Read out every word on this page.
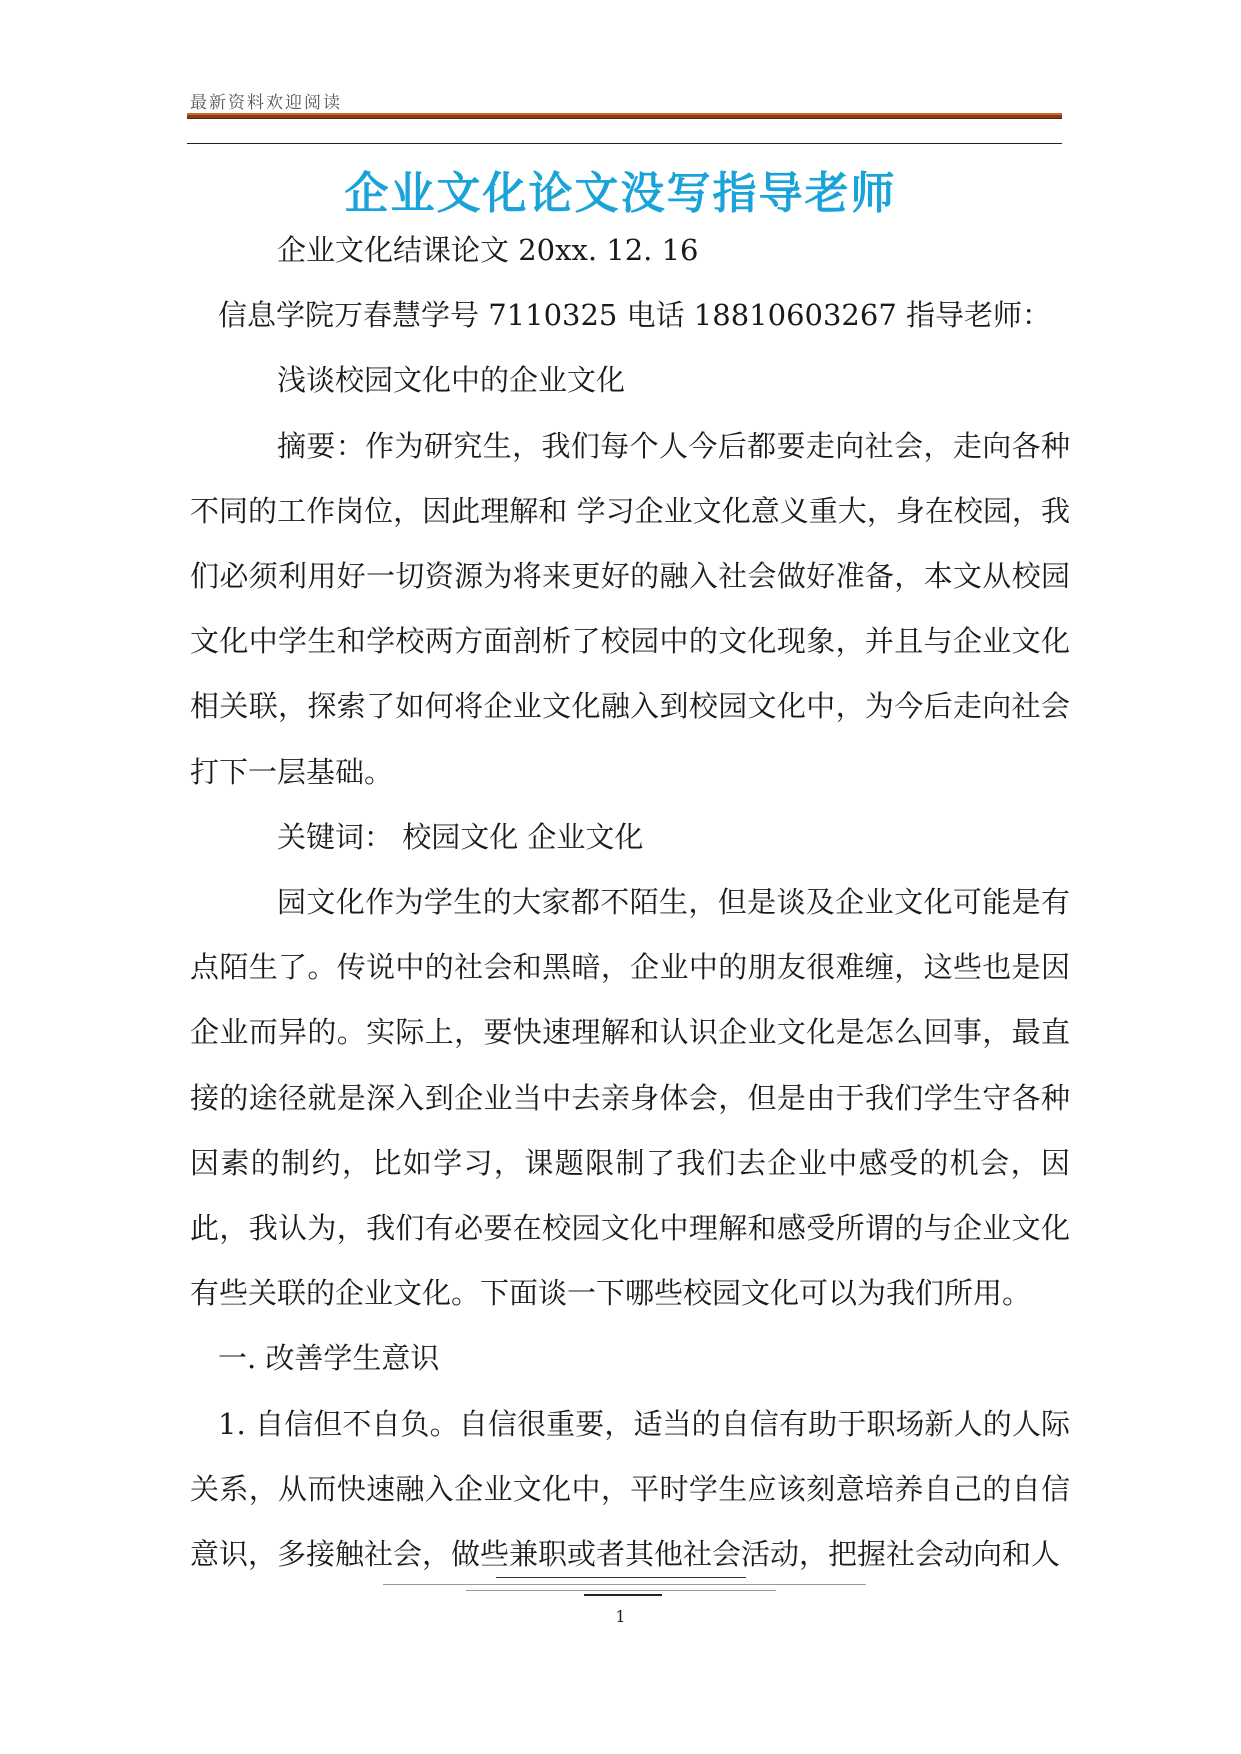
最新资料欢迎阅读
企业文化论文没写指导老师

企业文化结课论文 20xx. 12. 16

信息学院万春慧学号 7110325 电话 18810603267 指导老师：

浅谈校园文化中的企业文化

摘要：作为研究生，我们每个人今后都要走向社会，走向各种不同的工作岗位，因此理解和 学习企业文化意义重大，身在校园，我们必须利用好一切资源为将来更好的融入社会做好准备，本文从校园文化中学生和学校两方面剖析了校园中的文化现象，并且与企业文化相关联，探索了如何将企业文化融入到校园文化中，为今后走向社会打下一层基础。

关键词： 校园文化 企业文化

园文化作为学生的大家都不陌生，但是谈及企业文化可能是有点陌生了。传说中的社会和黑暗，企业中的朋友很难缠，这些也是因企业而异的。实际上，要快速理解和认识企业文化是怎么回事，最直接的途径就是深入到企业当中去亲身体会，但是由于我们学生守各种因素的制约，比如学习，课题限制了我们去企业中感受的机会，因此，我认为，我们有必要在校园文化中理解和感受所谓的与企业文化有些关联的企业文化。下面谈一下哪些校园文化可以为我们所用。

一. 改善学生意识

1. 自信但不自负。自信很重要，适当的自信有助于职场新人的人际关系，从而快速融入企业文化中，平时学生应该刻意培养自己的自信意识，多接触社会，做些兼职或者其他社会活动，把握社会动向和人

1
